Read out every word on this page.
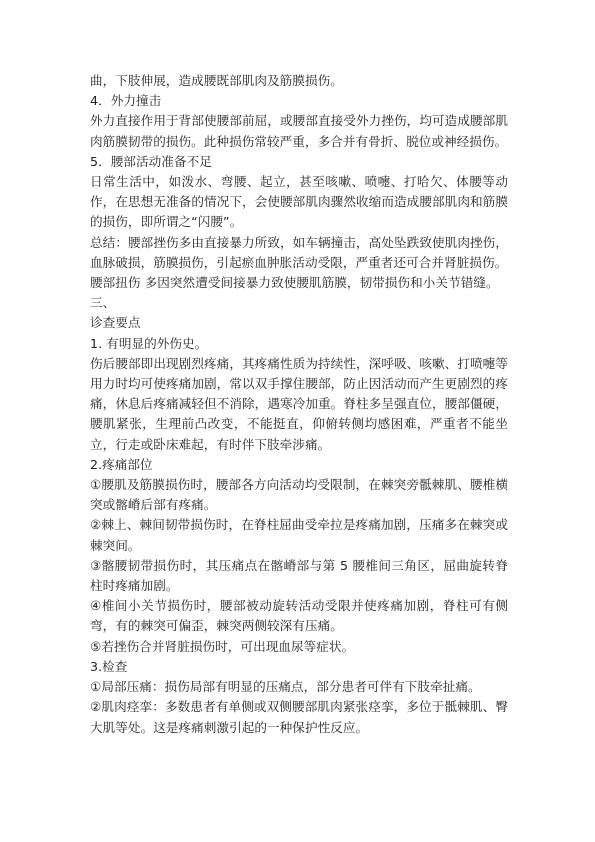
曲，下肢伸展，造成腰既部肌肉及筋膜损伤。

4．外力撞击

外力直接作用于背部使腰部前屈，或腰部直接受外力挫伤，均可造成腰部肌肉筋膜韧带的损伤。此种损伤常较严重，多合并有骨折、脱位或神经损伤。

5．腰部活动准备不足

日常生活中，如泼水、弯腰、起立，甚至咳嗽、喷嚏、打哈欠、体腰等动作，在思想无准备的情况下，会使腰部肌肉骤然收缩而造成腰部肌肉和筋膜的损伤，即所谓之“闪腰”。

总结：腰部挫伤多由直接暴力所致，如车辆撞击，高处坠跌致使肌肉挫伤，血脉破损，筋膜损伤，引起瘀血肿胀活动受限，严重者还可合并肾脏损伤。

腰部扭伤 多因突然遭受间接暴力致使腰肌筋膜，韧带损伤和小关节错缝。

三、

诊查要点

1. 有明显的外伤史。

伤后腰部即出现剧烈疼痛，其疼痛性质为持续性，深呼吸、咳嗽、打喷嚏等用力时均可使疼痛加剧，常以双手撑住腰部，防止因活动而产生更剧烈的疼痛，休息后疼痛减轻但不消除，遇寒冷加重。脊柱多呈强直位，腰部僵硬，腰肌紧张，生理前凸改变，不能挺直，仰俯转侧均感困难，严重者不能坐立，行走或卧床难起，有时伴下肢牵涉痛。

2.疼痛部位

①腰肌及筋膜损伤时，腰部各方向活动均受限制，在棘突旁骶棘肌、腰椎横突或髂嵴后部有疼痛。

②棘上、棘间韧带损伤时，在脊柱屈曲受牵拉是疼痛加剧，压痛多在棘突或棘突间。

③髂腰韧带损伤时，其压痛点在髂嵴部与第 5 腰椎间三角区，屈曲旋转脊柱时疼痛加剧。

④椎间小关节损伤时，腰部被动旋转活动受限并使疼痛加剧，脊柱可有侧弯，有的棘突可偏歪，棘突两侧较深有压痛。

⑤若挫伤合并肾脏损伤时，可出现血尿等症状。

3.检查

①局部压痛：损伤局部有明显的压痛点，部分患者可伴有下肢牵扯痛。

②肌肉痉挛：多数患者有单侧或双侧腰部肌肉紧张痉挛，多位于骶棘肌、臀大肌等处。这是疼痛刺激引起的一种保护性反应。
